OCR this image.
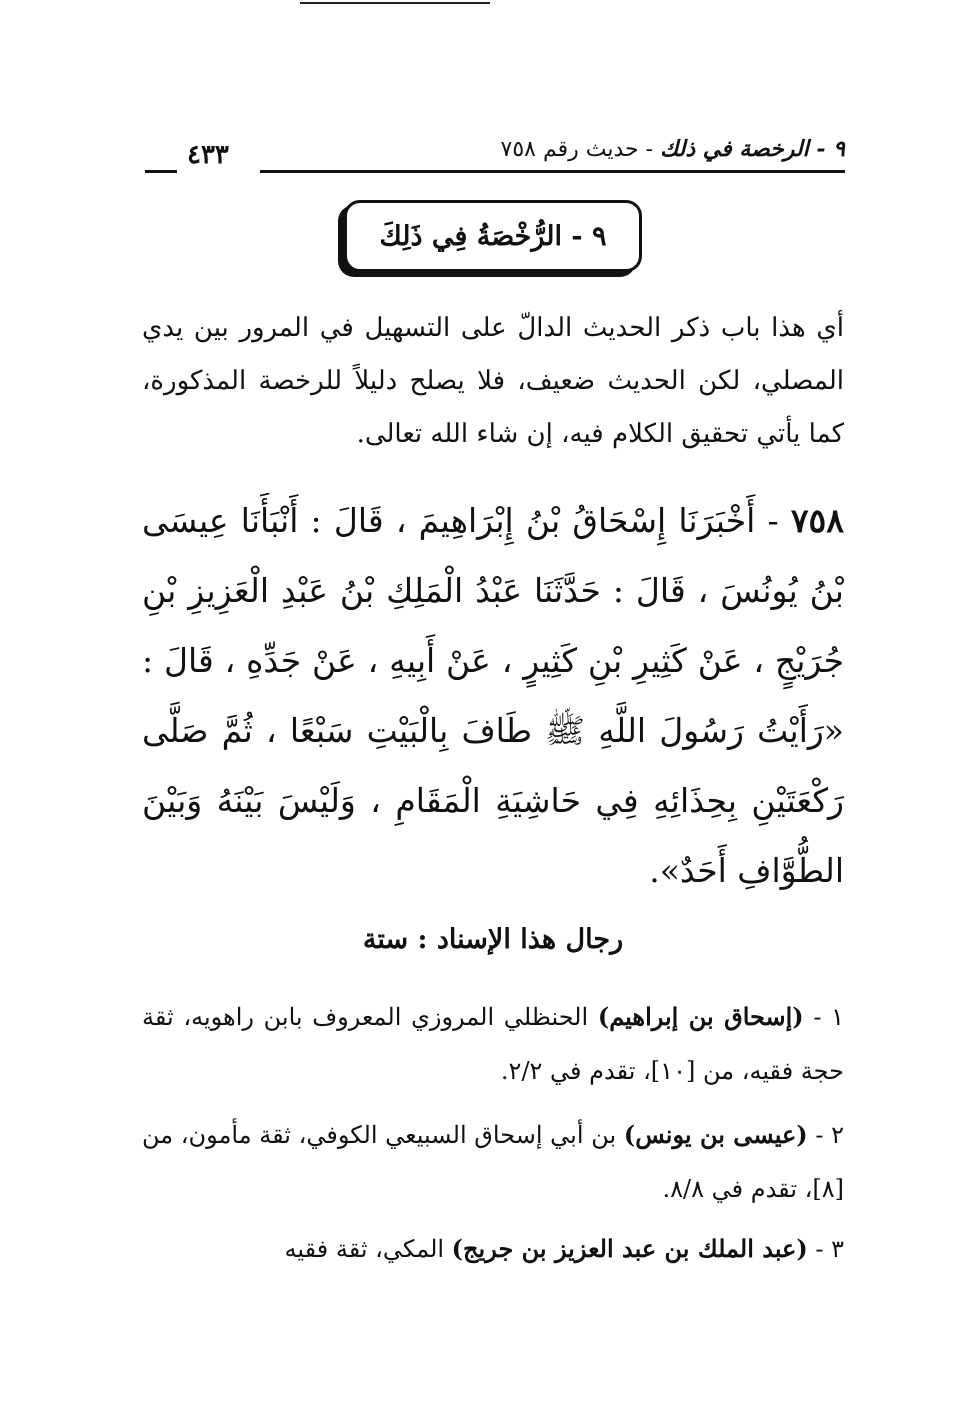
٩ - الرخصة في ذلك - حديث رقم ٧٥٨
٤٣٣
٩ - الرُّخْصَةُ فِي ذَلِكَ

أي هذا باب ذكر الحديث الدالّ على التسهيل في المرور بين يدي المصلي، لكن الحديث ضعيف، فلا يصلح دليلاً للرخصة المذكورة، كما يأتي تحقيق الكلام فيه، إن شاء الله تعالى.

٧٥٨ - أَخْبَرَنَا إِسْحَاقُ بْنُ إِبْرَاهِيمَ ، قَالَ : أَنْبَأَنَا عِيسَى بْنُ يُونُسَ ، قَالَ : حَدَّثَنَا عَبْدُ الْمَلِكِ بْنُ عَبْدِ الْعَزِيزِ بْنِ جُرَيْجٍ ، عَنْ كَثِيرِ بْنِ كَثِيرٍ ، عَنْ أَبِيهِ ، عَنْ جَدِّهِ ، قَالَ : «رَأَيْتُ رَسُولَ اللَّهِ ﷺ طَافَ بِالْبَيْتِ سَبْعًا ، ثُمَّ صَلَّى رَكْعَتَيْنِ بِحِذَائِهِ فِي حَاشِيَةِ الْمَقَامِ ، وَلَيْسَ بَيْنَهُ وَبَيْنَ الطُّوَّافِ أَحَدٌ».

رجال هذا الإسناد : ستة

١ - (إسحاق بن إبراهيم) الحنظلي المروزي المعروف بابن راهويه، ثقة حجة فقيه، من [١٠]، تقدم في ٢/٢.

٢ - (عيسى بن يونس) بن أبي إسحاق السبيعي الكوفي، ثقة مأمون، من [٨]، تقدم في ٨/٨.

٣ - (عبد الملك بن عبد العزيز بن جريج) المكي، ثقة فقيه
